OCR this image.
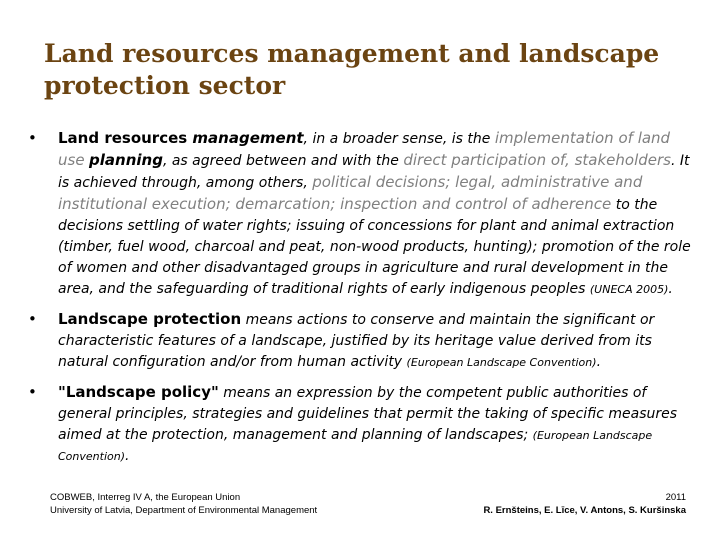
Land resources management and landscape
protection sector
• Land resources management, in a broader sense, is the implementation of land use planning, as agreed between and with the direct participation of, stakeholders. It is achieved through, among others, political decisions; legal, administrative and institutional execution; demarcation; inspection and control of adherence to the decisions settling of water rights; issuing of concessions for plant and animal extraction (timber, fuel wood, charcoal and peat, non-wood products, hunting); promotion of the role of women and other disadvantaged groups in agriculture and rural development in the area, and the safeguarding of traditional rights of early indigenous peoples (UNECA 2005).
• Landscape protection means actions to conserve and maintain the significant or characteristic features of a landscape, justified by its heritage value derived from its natural configuration and/or from human activity (European Landscape Convention).
• "Landscape policy" means an expression by the competent public authorities of general principles, strategies and guidelines that permit the taking of specific measures aimed at the protection, management and planning of landscapes; (European Landscape Convention).
COBWEB, Interreg IV A, the European Union
University of Latvia, Department of Environmental Management
2011
R. Ernšteins, E. Līce, V. Antons, S. Kuršinska
